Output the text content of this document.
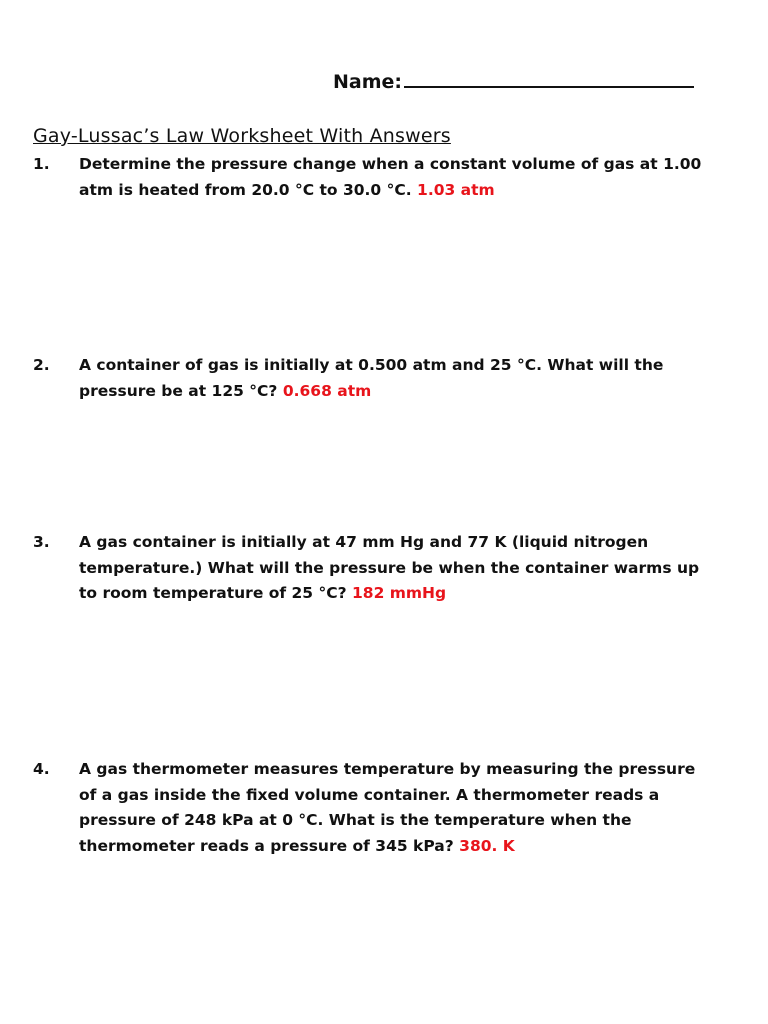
Name:
Gay-Lussac’s Law Worksheet With Answers
1.	Determine the pressure change when a constant volume of gas at 1.00
atm is heated from 20.0 °C to 30.0 °C. 1.03 atm
2.	A container of gas is initially at 0.500 atm and 25 °C. What will the
pressure be at 125 °C? 0.668 atm
3.	A gas container is initially at 47 mm Hg and 77 K (liquid nitrogen
temperature.) What will the pressure be when the container warms up
to room temperature of 25 °C? 182 mmHg
4.	A gas thermometer measures temperature by measuring the pressure
of a gas inside the fixed volume container. A thermometer reads a
pressure of 248 kPa at 0 °C. What is the temperature when the
thermometer reads a pressure of 345 kPa? 380. K
